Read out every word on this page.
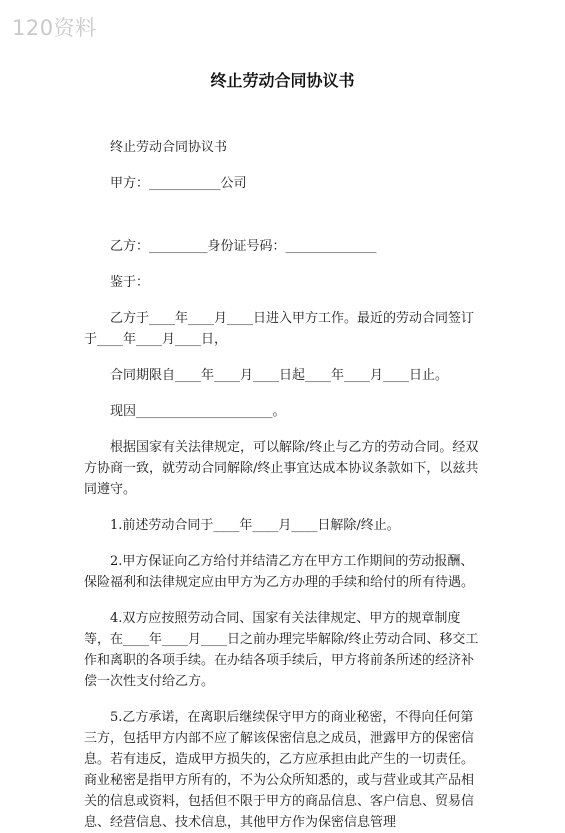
120资料
终止劳动合同协议书

终止劳动合同协议书

甲方：___________公司

乙方：_________身份证号码：______________

鉴于：

乙方于____年____月____日进入甲方工作。最近的劳动合同签订于____年____月____日，

合同期限自____年____月____日起____年____月____日止。

现因_____________________。

根据国家有关法律规定，可以解除/终止与乙方的劳动合同。经双方协商一致，就劳动合同解除/终止事宜达成本协议条款如下，以兹共同遵守。

1.前述劳动合同于____年____月____日解除/终止。

2.甲方保证向乙方给付并结清乙方在甲方工作期间的劳动报酬、保险福利和法律规定应由甲方为乙方办理的手续和给付的所有待遇。

4.双方应按照劳动合同、国家有关法律规定、甲方的规章制度等，在____年____月____日之前办理完毕解除/终止劳动合同、移交工作和离职的各项手续。在办结各项手续后，甲方将前条所述的经济补偿一次性支付给乙方。

5.乙方承诺，在离职后继续保守甲方的商业秘密，不得向任何第三方，包括甲方内部不应了解该保密信息之成员，泄露甲方的保密信息。若有违反，造成甲方损失的，乙方应承担由此产生的一切责任。商业秘密是指甲方所有的，不为公众所知悉的，或与营业或其产品相关的信息或资料，包括但不限于甲方的商品信息、客户信息、贸易信息、经营信息、技术信息，其他甲方作为保密信息管理
